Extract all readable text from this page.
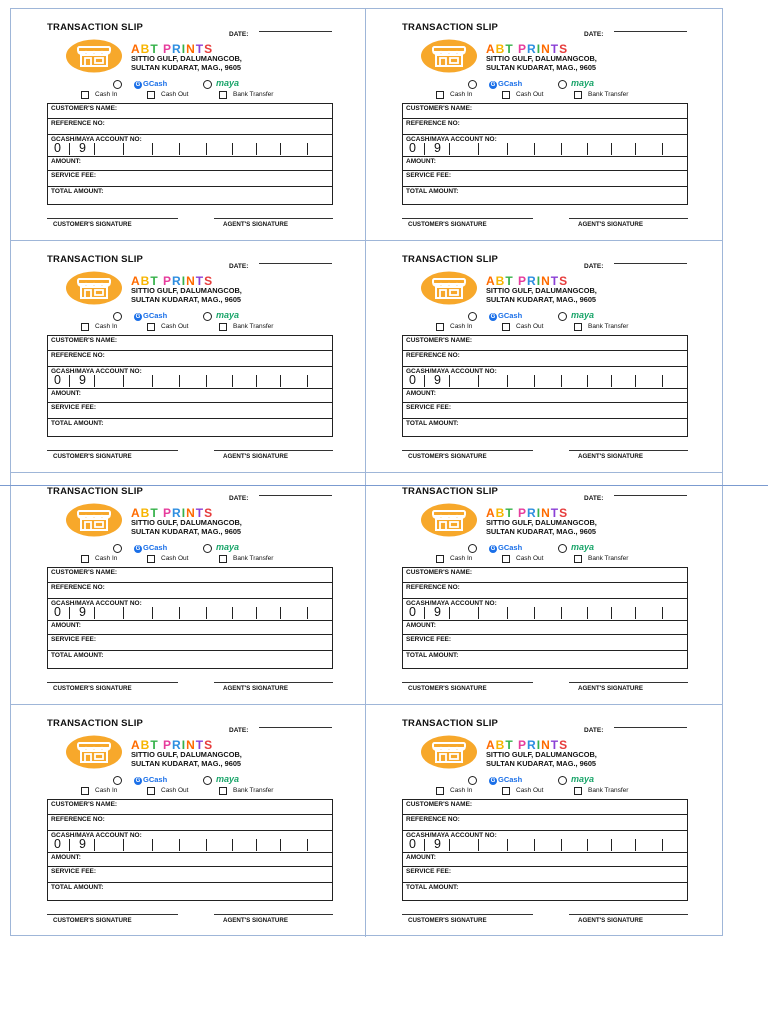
TRANSACTION SLIP
DATE:
ABT PRINTS
SITTIO GULF, DALUMANGCOB,
SULTAN KUDARAT, MAG., 9605
G GCash	maya
Cash In	Cash Out	Bank Transfer
CUSTOMER'S NAME:
REFERENCE NO:
GCASH/MAYA ACCOUNT NO:
0 9
AMOUNT:
SERVICE FEE:
TOTAL AMOUNT:
CUSTOMER'S SIGNATURE	AGENT'S SIGNATURE
TRANSACTION SLIP
DATE:
ABT PRINTS
SITTIO GULF, DALUMANGCOB,
SULTAN KUDARAT, MAG., 9605
G GCash	maya
Cash In	Cash Out	Bank Transfer
CUSTOMER'S NAME:
REFERENCE NO:
GCASH/MAYA ACCOUNT NO:
0 9
AMOUNT:
SERVICE FEE:
TOTAL AMOUNT:
CUSTOMER'S SIGNATURE	AGENT'S SIGNATURE
TRANSACTION SLIP
DATE:
ABT PRINTS
SITTIO GULF, DALUMANGCOB,
SULTAN KUDARAT, MAG., 9605
G GCash	maya
Cash In	Cash Out	Bank Transfer
CUSTOMER'S NAME:
REFERENCE NO:
GCASH/MAYA ACCOUNT NO:
0 9
AMOUNT:
SERVICE FEE:
TOTAL AMOUNT:
CUSTOMER'S SIGNATURE	AGENT'S SIGNATURE
TRANSACTION SLIP
DATE:
ABT PRINTS
SITTIO GULF, DALUMANGCOB,
SULTAN KUDARAT, MAG., 9605
G GCash	maya
Cash In	Cash Out	Bank Transfer
CUSTOMER'S NAME:
REFERENCE NO:
GCASH/MAYA ACCOUNT NO:
0 9
AMOUNT:
SERVICE FEE:
TOTAL AMOUNT:
CUSTOMER'S SIGNATURE	AGENT'S SIGNATURE
TRANSACTION SLIP
DATE:
ABT PRINTS
SITTIO GULF, DALUMANGCOB,
SULTAN KUDARAT, MAG., 9605
G GCash	maya
Cash In	Cash Out	Bank Transfer
CUSTOMER'S NAME:
REFERENCE NO:
GCASH/MAYA ACCOUNT NO:
0 9
AMOUNT:
SERVICE FEE:
TOTAL AMOUNT:
CUSTOMER'S SIGNATURE	AGENT'S SIGNATURE
TRANSACTION SLIP
DATE:
ABT PRINTS
SITTIO GULF, DALUMANGCOB,
SULTAN KUDARAT, MAG., 9605
G GCash	maya
Cash In	Cash Out	Bank Transfer
CUSTOMER'S NAME:
REFERENCE NO:
GCASH/MAYA ACCOUNT NO:
0 9
AMOUNT:
SERVICE FEE:
TOTAL AMOUNT:
CUSTOMER'S SIGNATURE	AGENT'S SIGNATURE
TRANSACTION SLIP
DATE:
ABT PRINTS
SITTIO GULF, DALUMANGCOB,
SULTAN KUDARAT, MAG., 9605
G GCash	maya
Cash In	Cash Out	Bank Transfer
CUSTOMER'S NAME:
REFERENCE NO:
GCASH/MAYA ACCOUNT NO:
0 9
AMOUNT:
SERVICE FEE:
TOTAL AMOUNT:
CUSTOMER'S SIGNATURE	AGENT'S SIGNATURE
TRANSACTION SLIP
DATE:
ABT PRINTS
SITTIO GULF, DALUMANGCOB,
SULTAN KUDARAT, MAG., 9605
G GCash	maya
Cash In	Cash Out	Bank Transfer
CUSTOMER'S NAME:
REFERENCE NO:
GCASH/MAYA ACCOUNT NO:
0 9
AMOUNT:
SERVICE FEE:
TOTAL AMOUNT:
CUSTOMER'S SIGNATURE	AGENT'S SIGNATURE
